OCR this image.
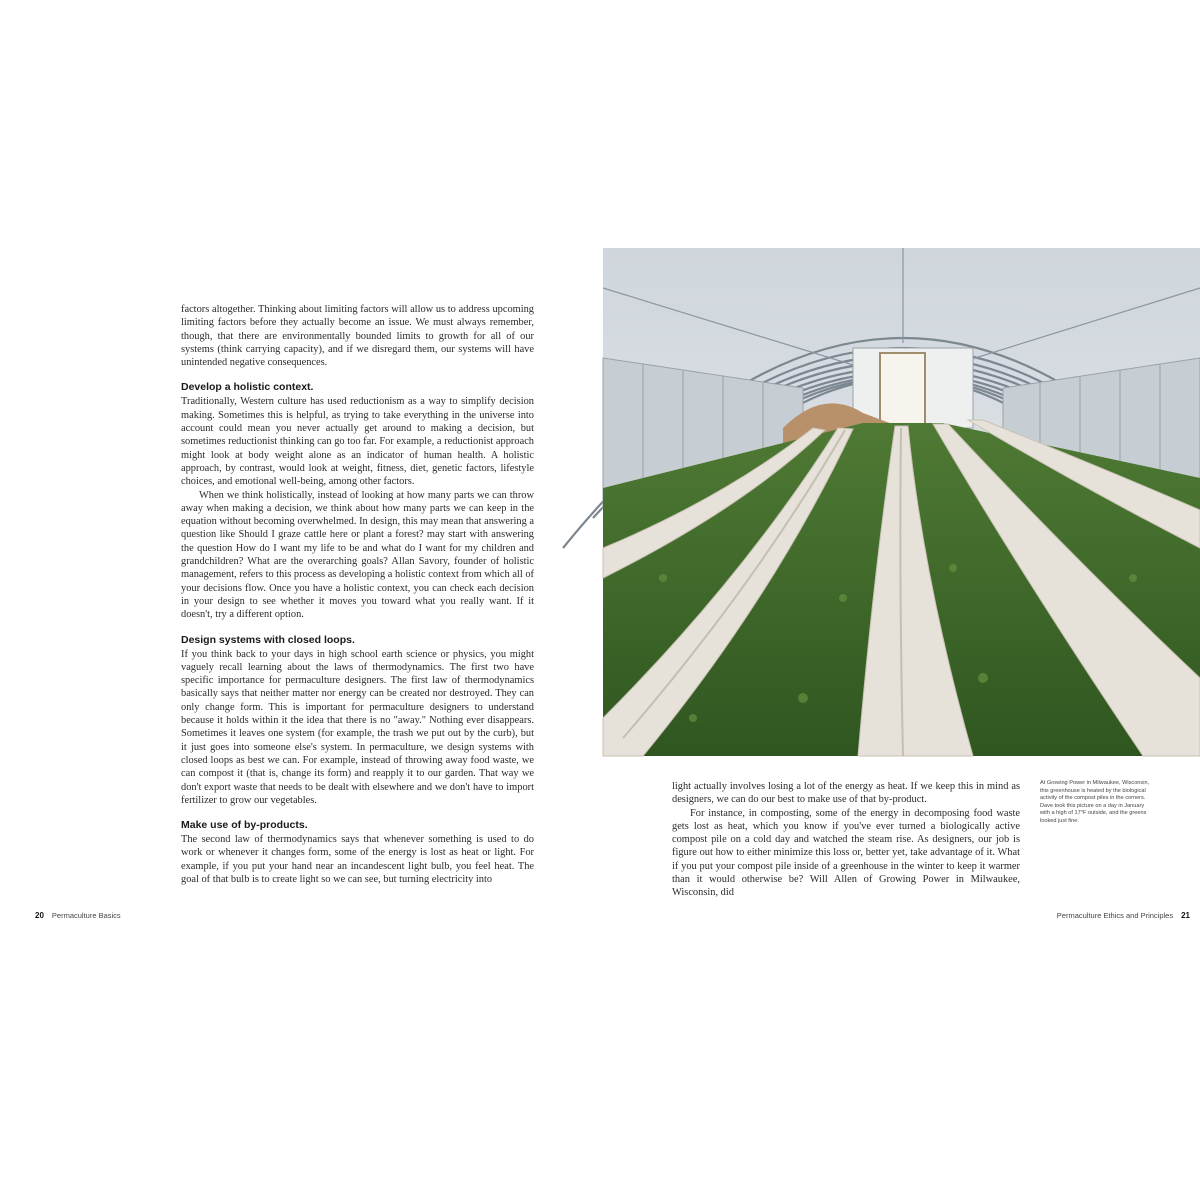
factors altogether. Thinking about limiting factors will allow us to address upcoming limiting factors before they actually become an issue. We must always remember, though, that there are environmentally bounded limits to growth for all of our systems (think carrying capacity), and if we disregard them, our systems will have unintended negative consequences.

Develop a holistic context.

Traditionally, Western culture has used reductionism as a way to simplify decision making. Sometimes this is helpful, as trying to take everything in the universe into account could mean you never actually get around to making a decision, but sometimes reductionist thinking can go too far. For example, a reductionist approach might look at body weight alone as an indicator of human health. A holistic approach, by contrast, would look at weight, fitness, diet, genetic factors, lifestyle choices, and emotional well-being, among other factors.

When we think holistically, instead of looking at how many parts we can throw away when making a decision, we think about how many parts we can keep in the equation without becoming overwhelmed. In design, this may mean that answering a question like Should I graze cattle here or plant a forest? may start with answering the question How do I want my life to be and what do I want for my children and grandchildren? What are the overarching goals? Allan Savory, founder of holistic management, refers to this process as developing a holistic context from which all of your decisions flow. Once you have a holistic context, you can check each decision in your design to see whether it moves you toward what you really want. If it doesn't, try a different option.

Design systems with closed loops.

If you think back to your days in high school earth science or physics, you might vaguely recall learning about the laws of thermodynamics. The first two have specific importance for permaculture designers. The first law of thermodynamics basically says that neither matter nor energy can be created nor destroyed. They can only change form. This is important for permaculture designers to understand because it holds within it the idea that there is no "away." Nothing ever disappears. Sometimes it leaves one system (for example, the trash we put out by the curb), but it just goes into someone else's system. In permaculture, we design systems with closed loops as best we can. For example, instead of throwing away food waste, we can compost it (that is, change its form) and reapply it to our garden. That way we don't export waste that needs to be dealt with elsewhere and we don't have to import fertilizer to grow our vegetables.

Make use of by-products.

The second law of thermodynamics says that whenever something is used to do work or whenever it changes form, some of the energy is lost as heat or light. For example, if you put your hand near an incandescent light bulb, you feel heat. The goal of that bulb is to create light so we can see, but turning electricity into

light actually involves losing a lot of the energy as heat. If we keep this in mind as designers, we can do our best to make use of that by-product.

For instance, in composting, some of the energy in decomposing food waste gets lost as heat, which you know if you've ever turned a biologically active compost pile on a cold day and watched the steam rise. As designers, our job is figure out how to either minimize this loss or, better yet, take advantage of it. What if you put your compost pile inside of a greenhouse in the winter to keep it warmer than it would otherwise be? Will Allen of Growing Power in Milwaukee, Wisconsin, did

At Growing Power in Milwaukee, Wisconsin, this greenhouse is heated by the biological activity of the compost piles in the corners. Dave took this picture on a day in January with a high of 17°F outside, and the greens looked just fine.
20 Permaculture Basics	Permaculture Ethics and Principles 21
